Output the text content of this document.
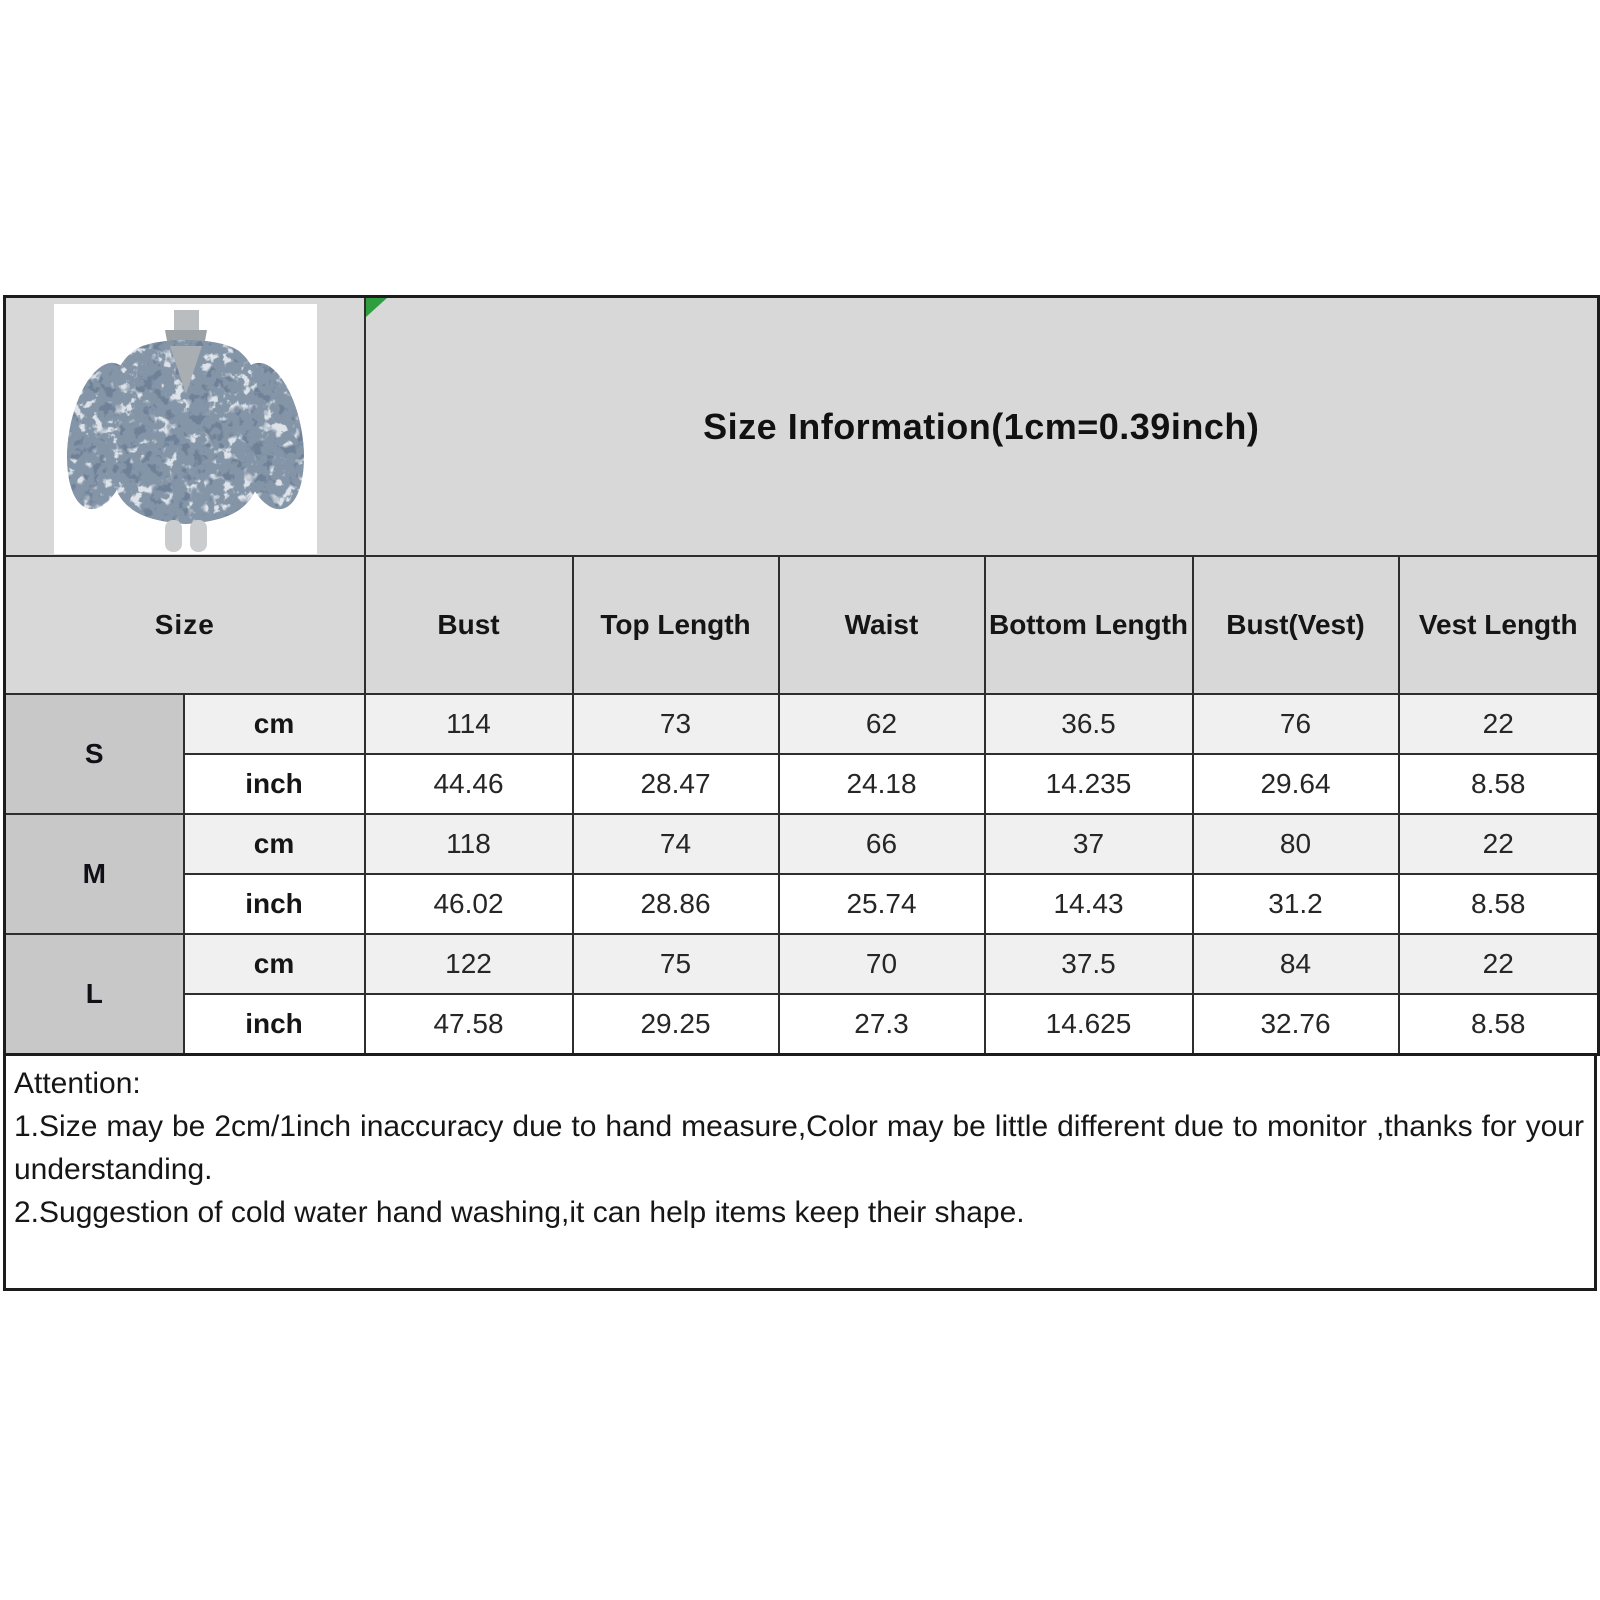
Size Information(1cm=0.39inch)					

Size		Bust	Top Length	Waist	Bottom Length	Bust(Vest)	Vest Length
S	cm	114	73	62	36.5	76	22
	inch	44.46	28.47	24.18	14.235	29.64	8.58
M	cm	118	74	66	37	80	22
	inch	46.02	28.86	25.74	14.43	31.2	8.58
L	cm	122	75	70	37.5	84	22
	inch	47.58	29.25	27.3	14.625	32.76	8.58
Attention:
1.Size may be 2cm/1inch inaccuracy due to hand measure,Color may be little different due to monitor ,thanks for your understanding.
2.Suggestion of cold water hand washing,it can help items keep their shape.
